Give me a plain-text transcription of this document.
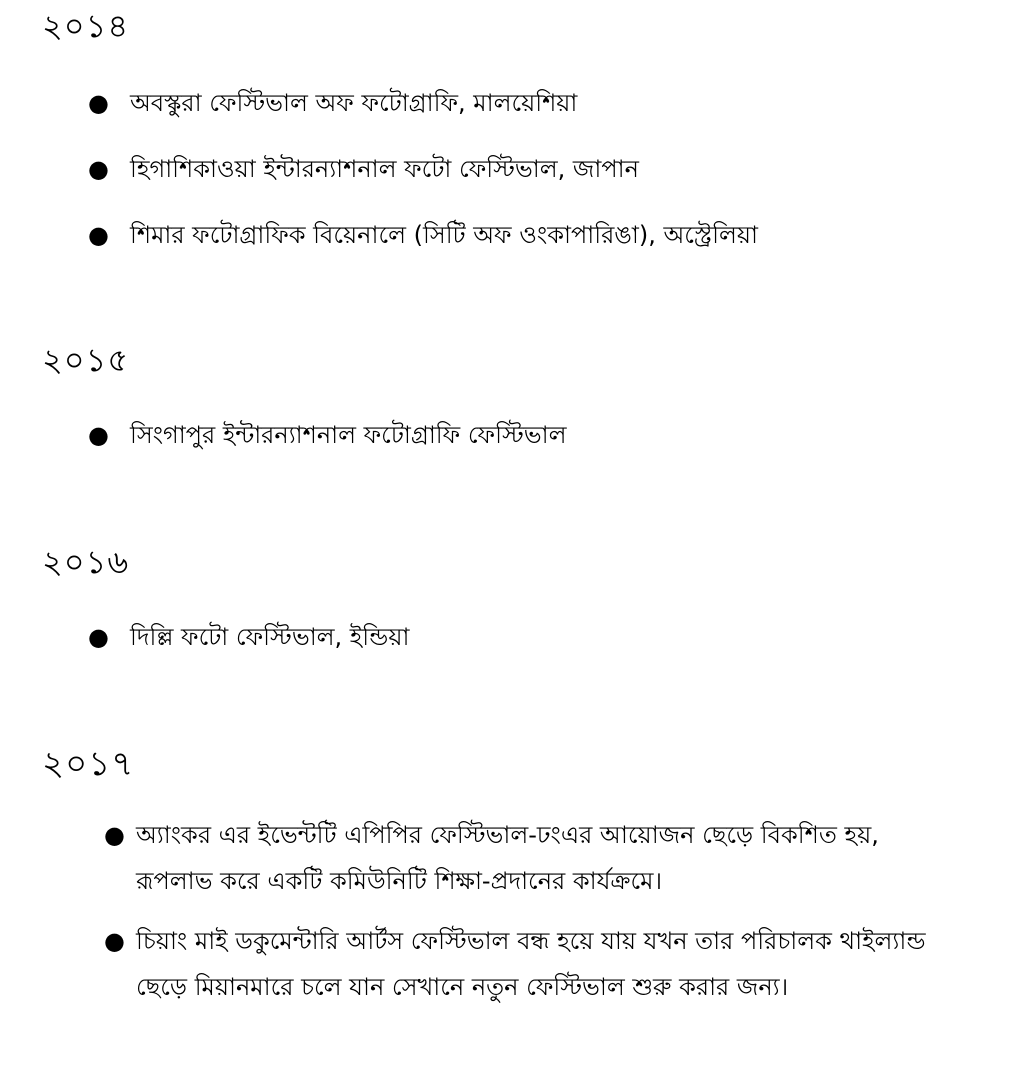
২০১৪
● অবস্কুরা ফেস্টিভাল অফ ফটোগ্রাফি, মালয়েশিয়া
● হিগাশিকাওয়া ইন্টারন্যাশনাল ফটো ফেস্টিভাল, জাপান
● শিমার ফটোগ্রাফিক বিয়েনালে (সিটি অফ ওংকাপারিঙা), অস্ট্রেলিয়া
২০১৫
● সিংগাপুর ইন্টারন্যাশনাল ফটোগ্রাফি ফেস্টিভাল
২০১৬
● দিল্লি ফটো ফেস্টিভাল, ইন্ডিয়া
২০১৭
● অ্যাংকর এর ইভেন্টটি এপিপির ফেস্টিভাল-ঢংএর আয়োজন ছেড়ে বিকশিত হয়, রূপলাভ করে একটি কমিউনিটি শিক্ষা-প্রদানের কার্যক্রমে।
● চিয়াং মাই ডকুমেন্টারি আর্টস ফেস্টিভাল বন্ধ হয়ে যায় যখন তার পরিচালক থাইল্যান্ড ছেড়ে মিয়ানমারে চলে যান সেখানে নতুন ফেস্টিভাল শুরু করার জন্য।
